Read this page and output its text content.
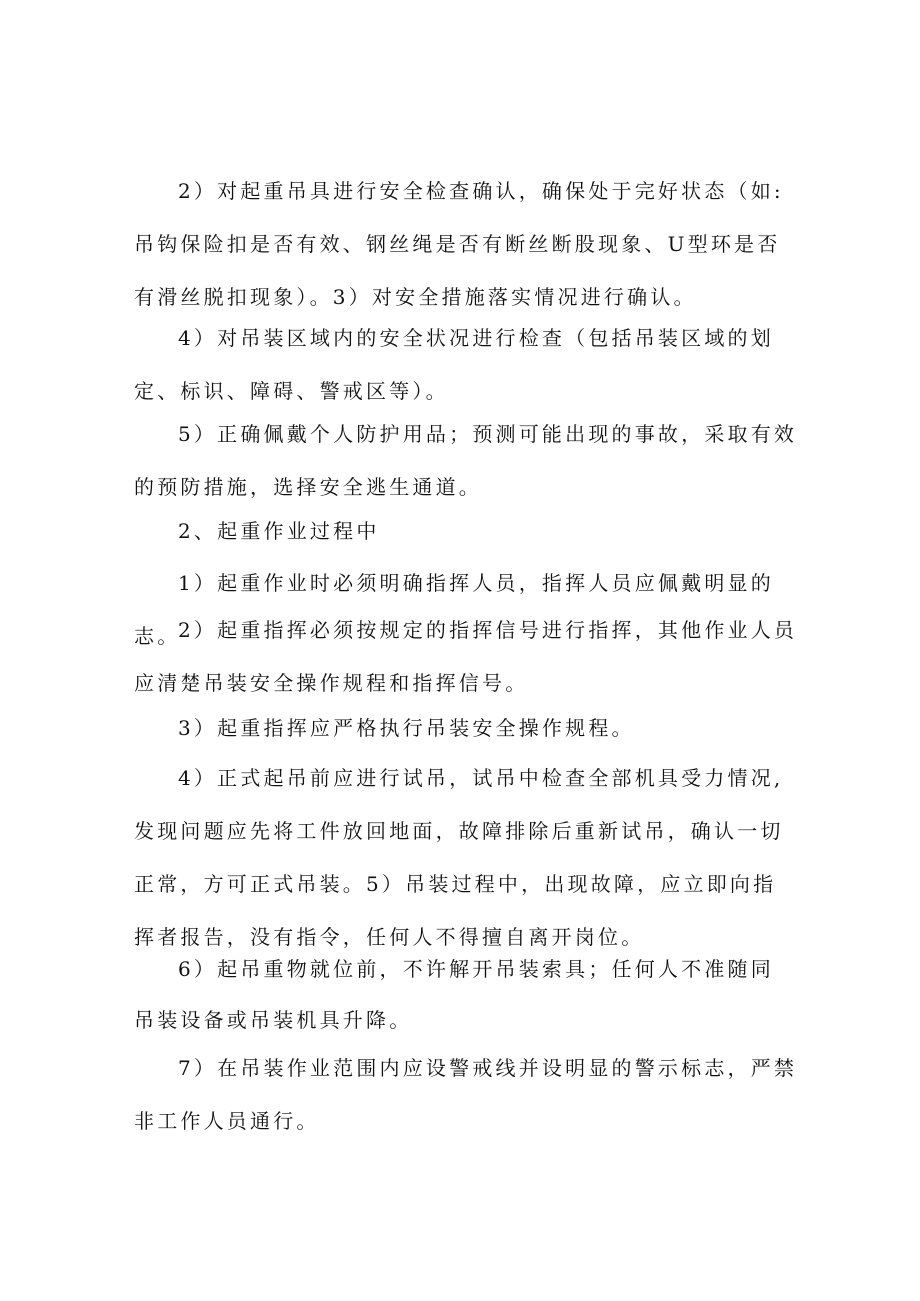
2）对起重吊具进行安全检查确认，确保处于完好状态（如:吊钩保险扣是否有效、钢丝绳是否有断丝断股现象、U型环是否有滑丝脱扣现象）。3）对安全措施落实情况进行确认。

4）对吊装区域内的安全状况进行检查（包括吊装区域的划定、标识、障碍、警戒区等）。

5）正确佩戴个人防护用品；预测可能出现的事故，采取有效的预防措施，选择安全逃生通道。

2、起重作业过程中

1）起重作业时必须明确指挥人员，指挥人员应佩戴明显的志。

2）起重指挥必须按规定的指挥信号进行指挥，其他作业人员应清楚吊装安全操作规程和指挥信号。

3）起重指挥应严格执行吊装安全操作规程。

4）正式起吊前应进行试吊，试吊中检查全部机具受力情况,发现问题应先将工件放回地面，故障排除后重新试吊，确认一切正常，方可正式吊装。5）吊装过程中，出现故障，应立即向指挥者报告，没有指令，任何人不得擅自离开岗位。

6）起吊重物就位前，不许解开吊装索具；任何人不准随同

吊装设备或吊装机具升降。

7）在吊装作业范围内应设警戒线并设明显的警示标志，严禁非工作人员通行。
